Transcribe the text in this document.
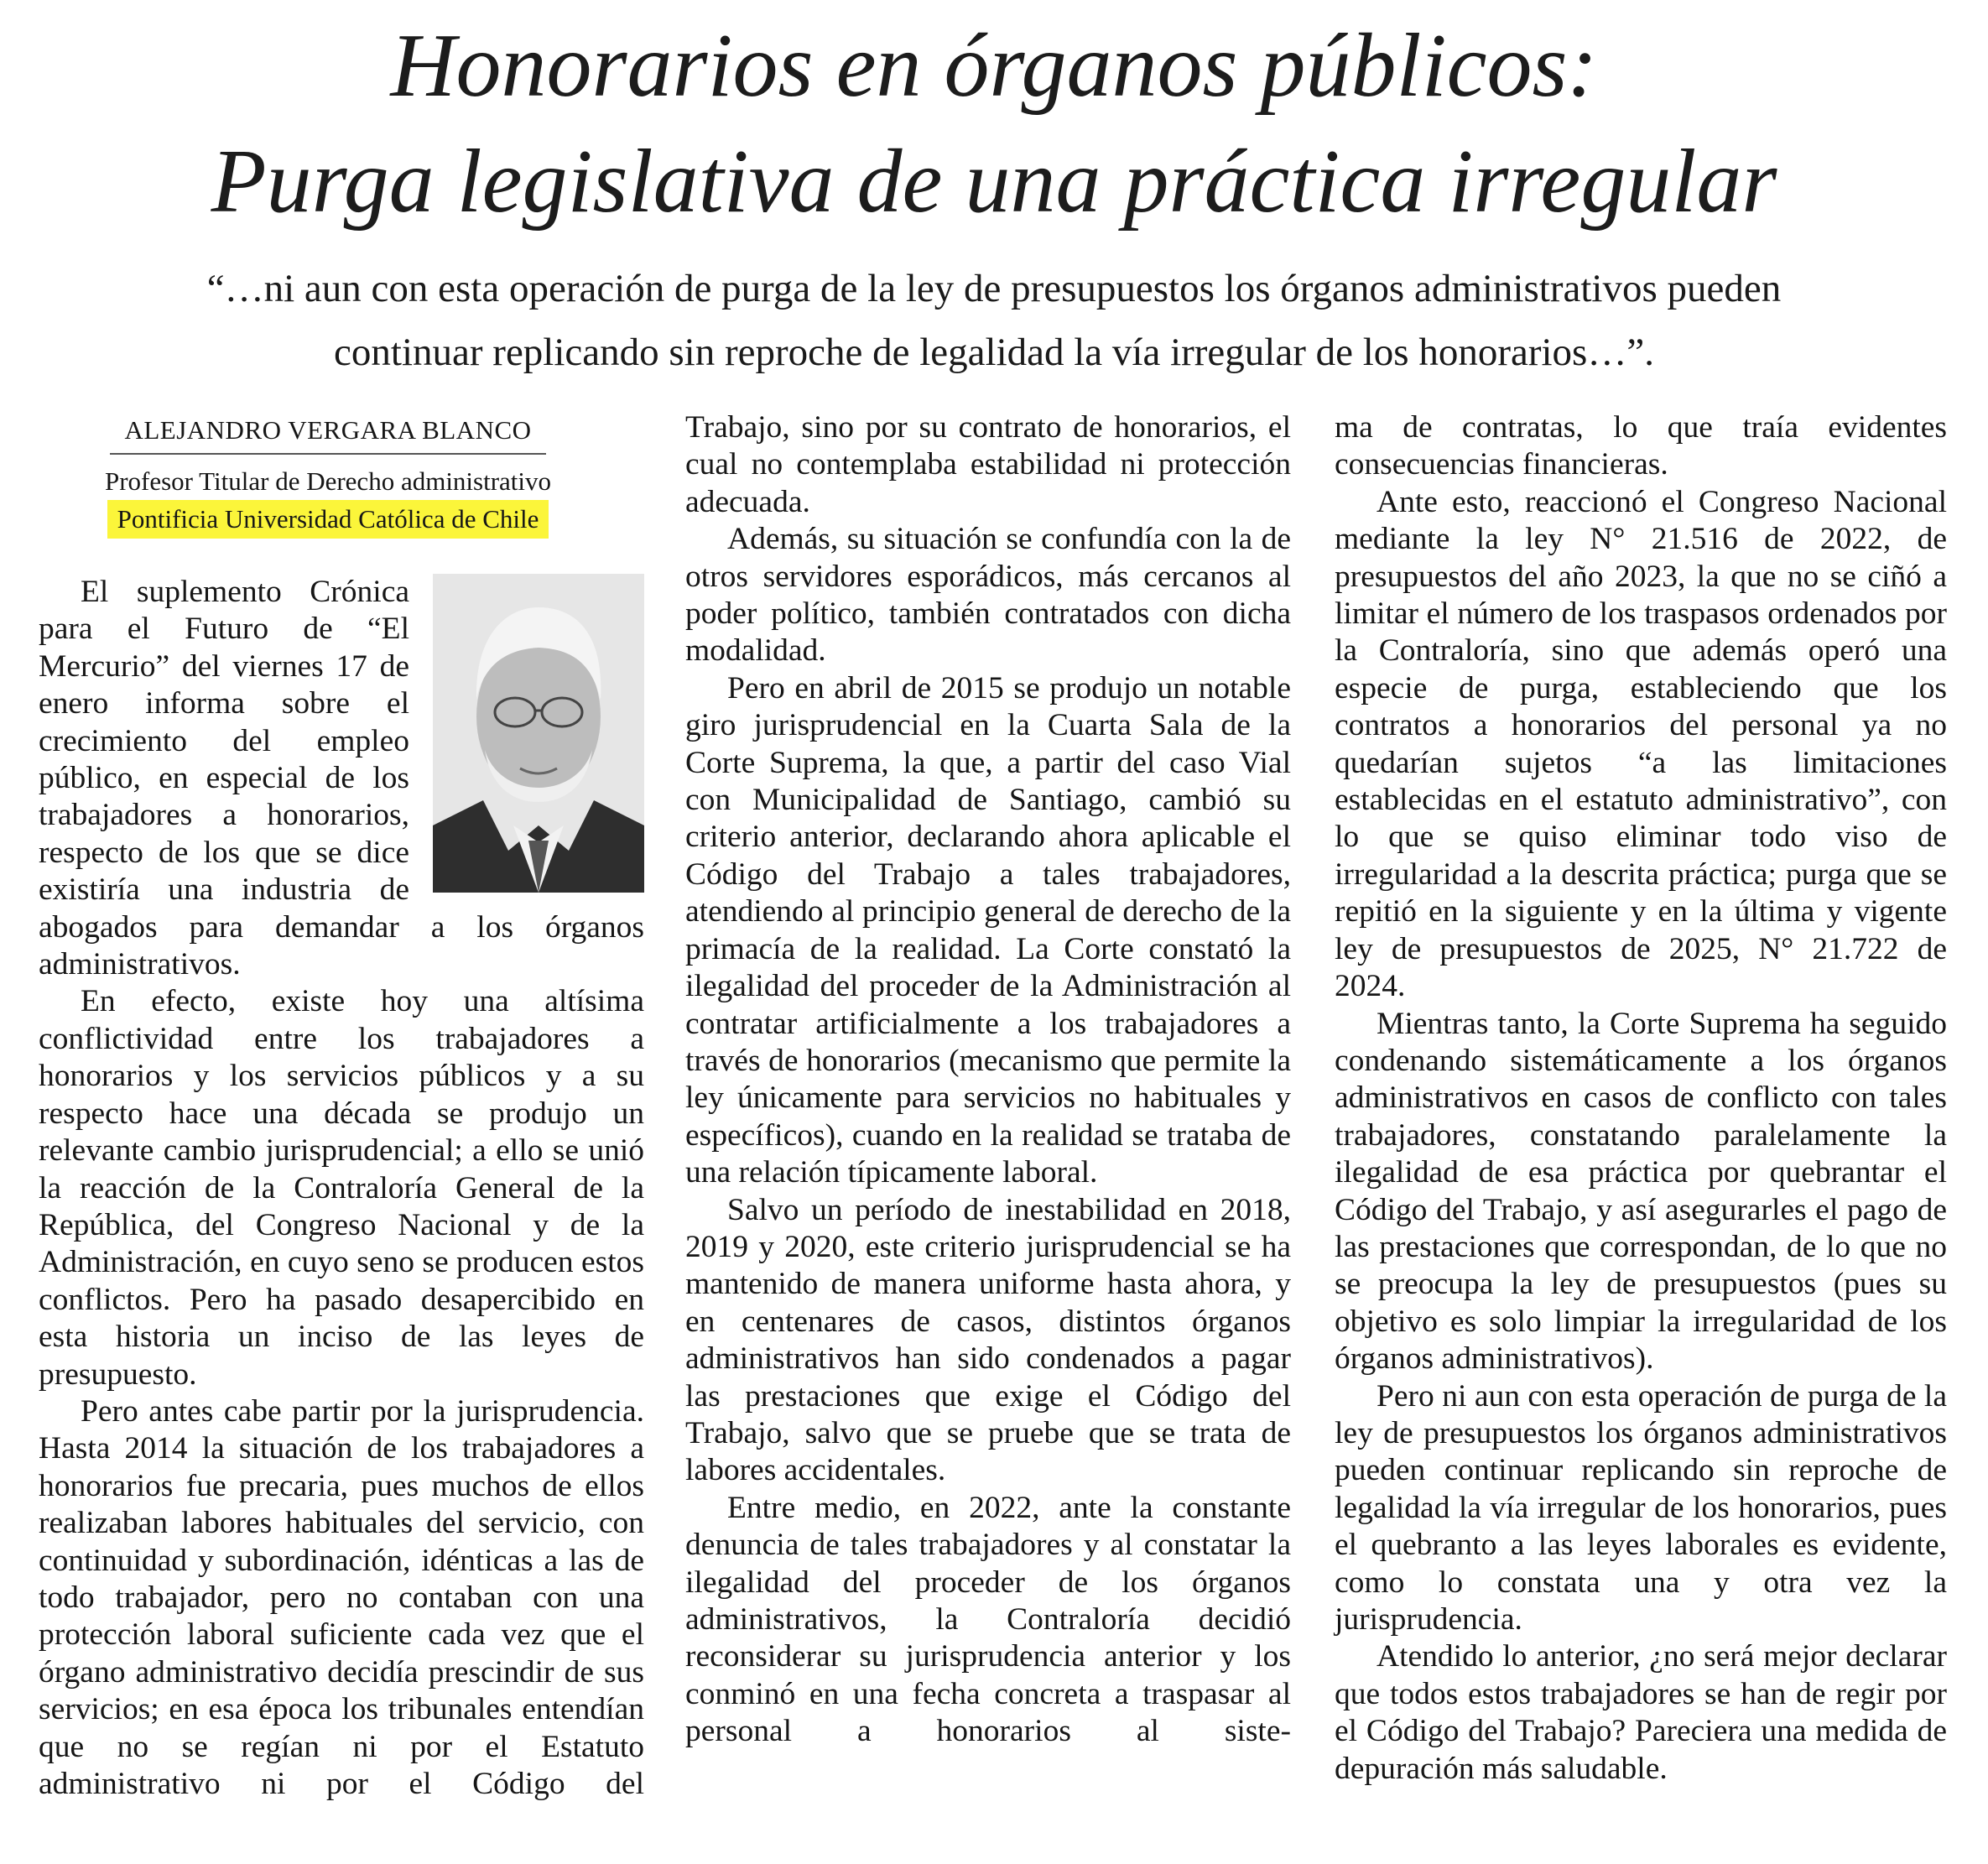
Honorarios en órganos públicos:
Purga legislativa de una práctica irregular
“…ni aun con esta operación de purga de la ley de presupuestos los órganos administrativos pueden
continuar replicando sin reproche de legalidad la vía irregular de los honorarios…”.
ALEJANDRO VERGARA BLANCO
Profesor Titular de Derecho administrativo
Pontificia Universidad Católica de Chile

El suplemento Crónica para el Futuro de “El Mercurio” del viernes 17 de enero informa sobre el crecimiento del empleo público, en especial de los trabajadores a honorarios, respecto de los que se dice existiría una industria de abogados para demandar a los órganos administrativos.

En efecto, existe hoy una altísima conflictividad entre los trabajadores a honorarios y los servicios públicos y a su respecto hace una década se produjo un relevante cambio jurisprudencial; a ello se unió la reacción de la Contraloría General de la República, del Congreso Nacional y de la Administración, en cuyo seno se producen estos conflictos. Pero ha pasado desapercibido en esta historia un inciso de las leyes de presupuesto.

Pero antes cabe partir por la jurisprudencia. Hasta 2014 la situación de los trabajadores a honorarios fue precaria, pues muchos de ellos realizaban labores habituales del servicio, con continuidad y subordinación, idénticas a las de todo trabajador, pero no contaban con una protección laboral suficiente cada vez que el órgano administrativo decidía prescindir de sus servicios; en esa época los tribunales entendían que no se regían ni por el Estatuto administrativo ni por el Código del

Trabajo, sino por su contrato de honorarios, el cual no contemplaba estabilidad ni protección adecuada.

Además, su situación se confundía con la de otros servidores esporádicos, más cercanos al poder político, también contratados con dicha modalidad.

Pero en abril de 2015 se produjo un notable giro jurisprudencial en la Cuarta Sala de la Corte Suprema, la que, a partir del caso Vial con Municipalidad de Santiago, cambió su criterio anterior, declarando ahora aplicable el Código del Trabajo a tales trabajadores, atendiendo al principio general de derecho de la primacía de la realidad. La Corte constató la ilegalidad del proceder de la Administración al contratar artificialmente a los trabajadores a través de honorarios (mecanismo que permite la ley únicamente para servicios no habituales y específicos), cuando en la realidad se trataba de una relación típicamente laboral.

Salvo un período de inestabilidad en 2018, 2019 y 2020, este criterio jurisprudencial se ha mantenido de manera uniforme hasta ahora, y en centenares de casos, distintos órganos administrativos han sido condenados a pagar las prestaciones que exige el Código del Trabajo, salvo que se pruebe que se trata de labores accidentales.

Entre medio, en 2022, ante la constante denuncia de tales trabajadores y al constatar la ilegalidad del proceder de los órganos administrativos, la Contraloría decidió reconsiderar su jurisprudencia anterior y los conminó en una fecha concreta a traspasar al personal a honorarios al siste-

ma de contratas, lo que traía evidentes consecuencias financieras.

Ante esto, reaccionó el Congreso Nacional mediante la ley N° 21.516 de 2022, de presupuestos del año 2023, la que no se ciñó a limitar el número de los traspasos ordenados por la Contraloría, sino que además operó una especie de purga, estableciendo que los contratos a honorarios del personal ya no quedarían sujetos “a las limitaciones establecidas en el estatuto administrativo”, con lo que se quiso eliminar todo viso de irregularidad a la descrita práctica; purga que se repitió en la siguiente y en la última y vigente ley de presupuestos de 2025, N° 21.722 de 2024.

Mientras tanto, la Corte Suprema ha seguido condenando sistemáticamente a los órganos administrativos en casos de conflicto con tales trabajadores, constatando paralelamente la ilegalidad de esa práctica por quebrantar el Código del Trabajo, y así asegurarles el pago de las prestaciones que correspondan, de lo que no se preocupa la ley de presupuestos (pues su objetivo es solo limpiar la irregularidad de los órganos administrativos).

Pero ni aun con esta operación de purga de la ley de presupuestos los órganos administrativos pueden continuar replicando sin reproche de legalidad la vía irregular de los honorarios, pues el quebranto a las leyes laborales es evidente, como lo constata una y otra vez la jurisprudencia.

Atendido lo anterior, ¿no será mejor declarar que todos estos trabajadores se han de regir por el Código del Trabajo? Pareciera una medida de depuración más saludable.
